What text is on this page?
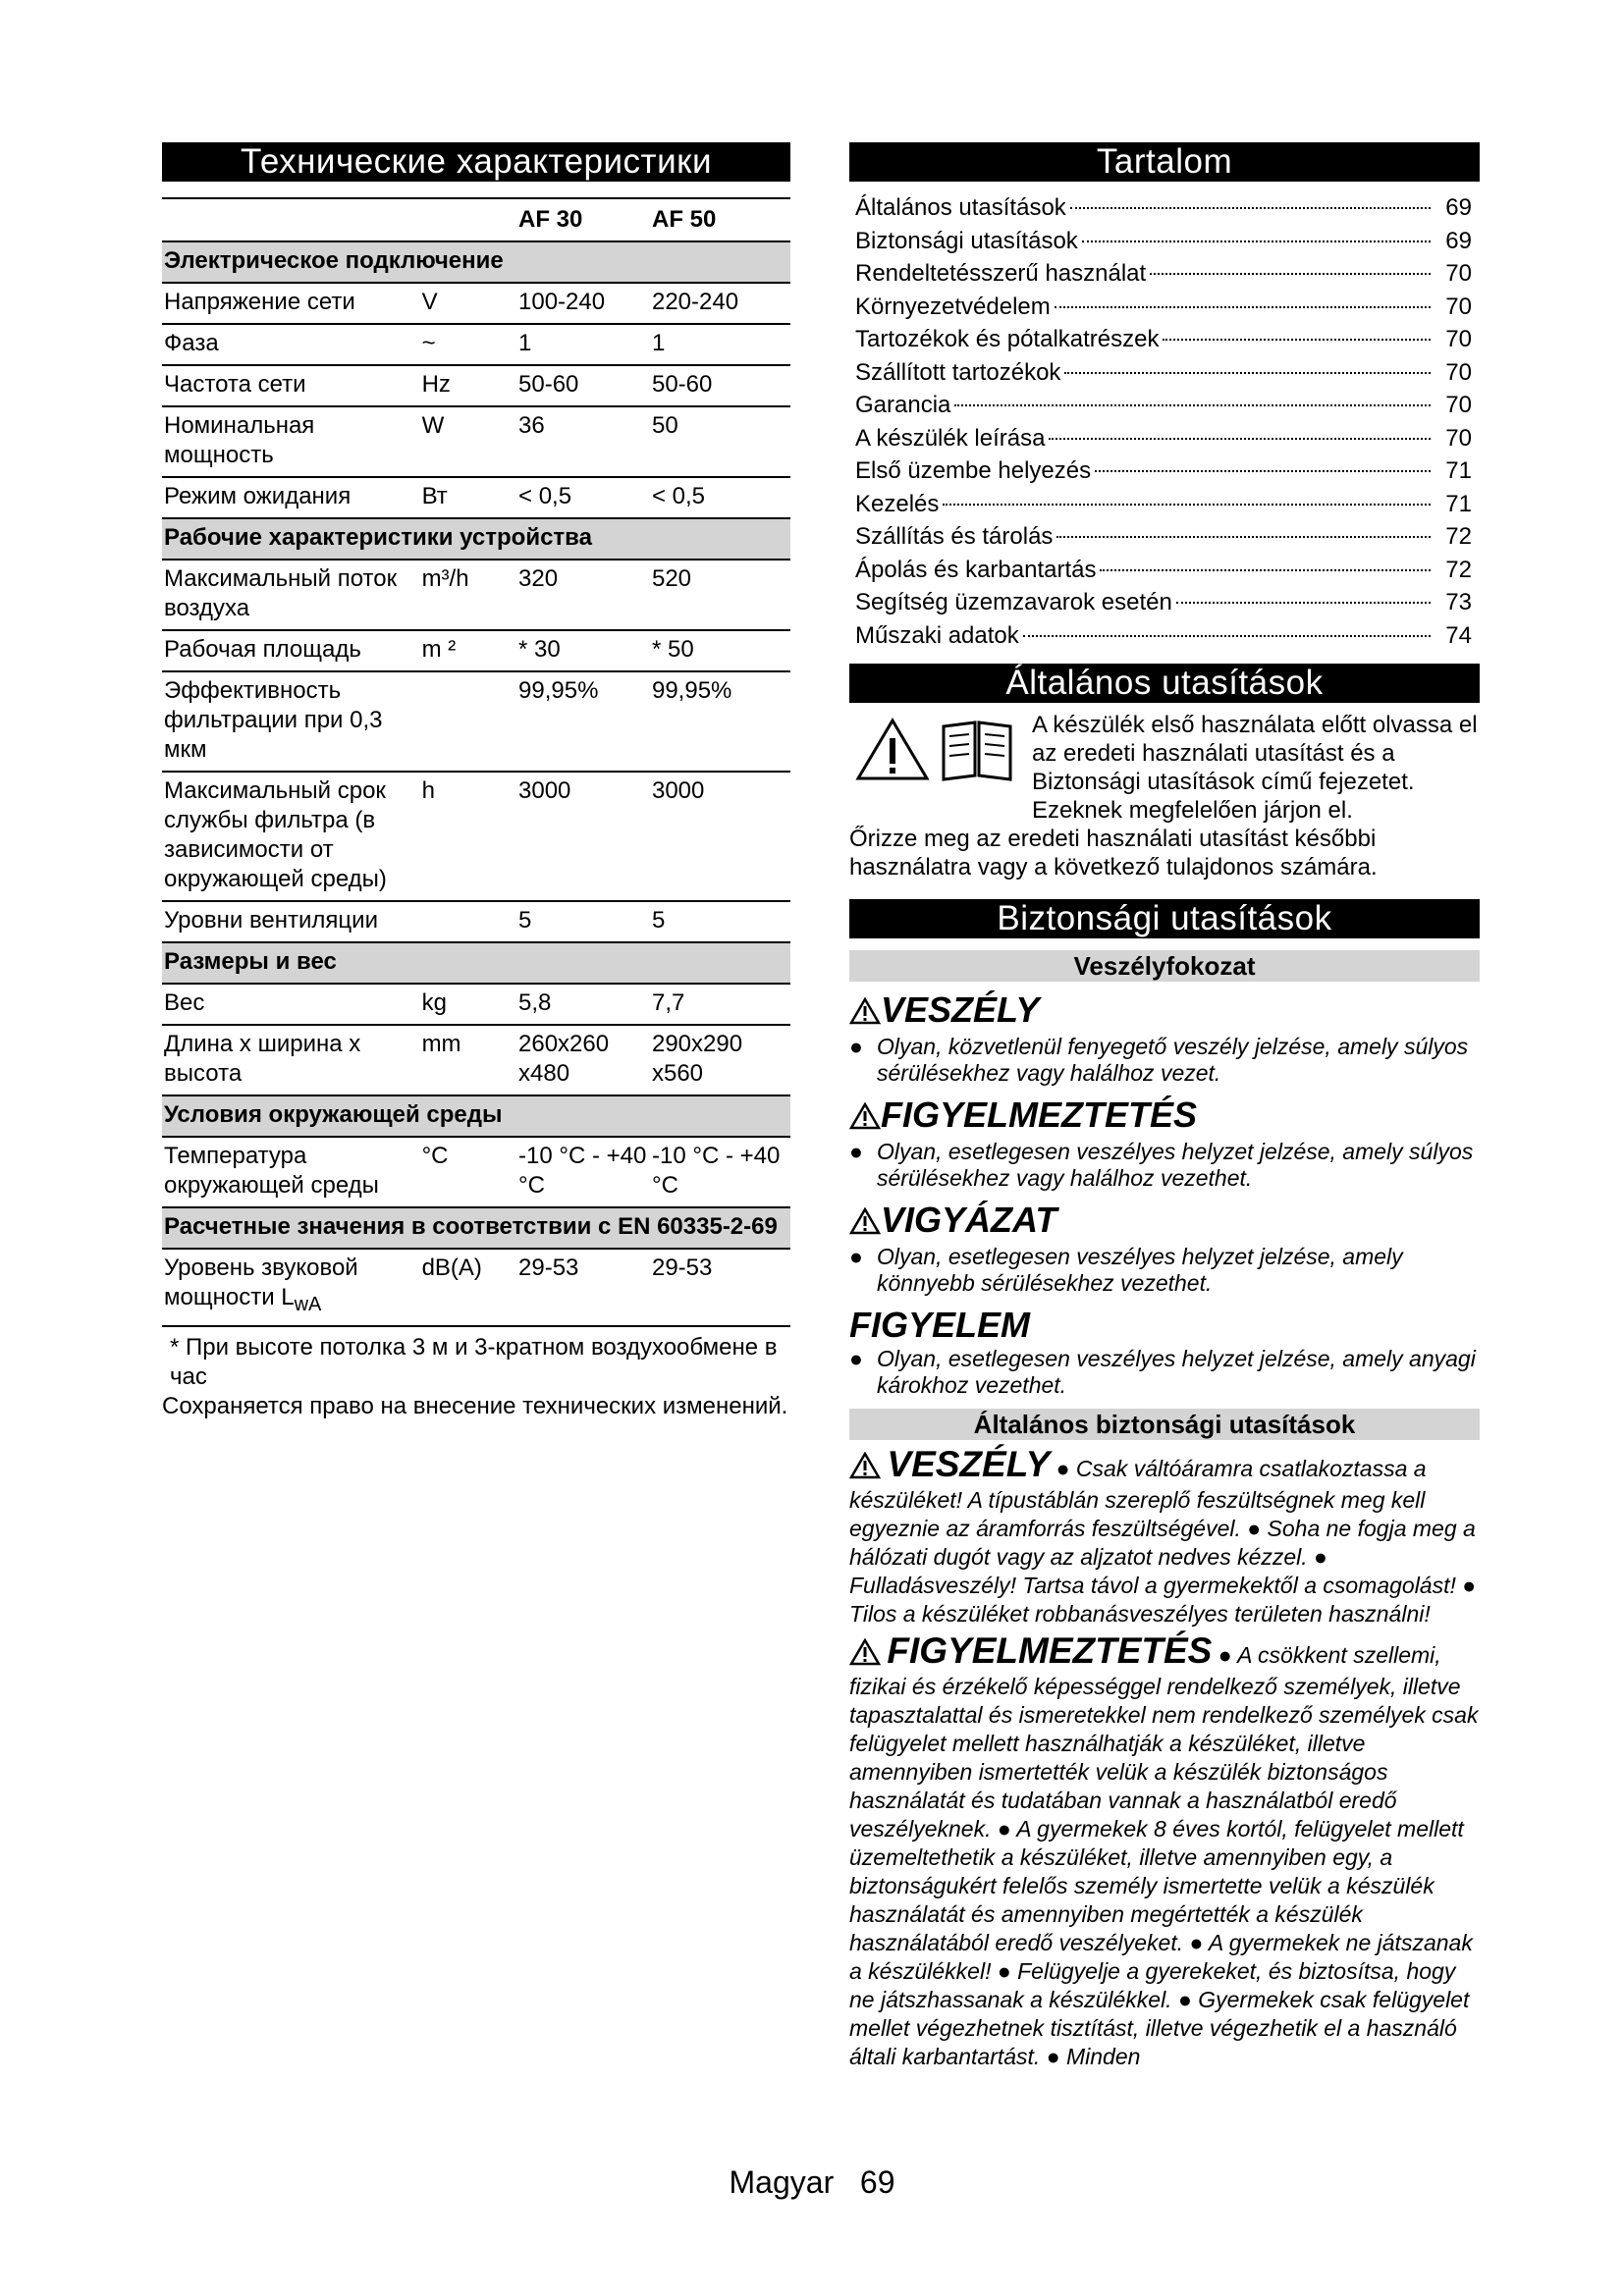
Технические характеристики
		AF 30	AF 50
Электрическое подключение			
Напряжение сети	V	100-240	220-240
Фаза	~	1	1
Частота сети	Hz	50-60	50-60
Номинальная мощность	W	36	50
Режим ожидания	Вт	< 0,5	< 0,5
Рабочие характеристики устройства			
Максимальный поток воздуха	m³/h	320	520
Рабочая площадь	m ²	* 30	* 50
Эффективность фильтрации при 0,3 мкм		99,95%	99,95%
Максимальный срок службы фильтра (в зависимости от окружающей среды)	h	3000	3000
Уровни вентиляции		5	5
Размеры и вес			
Вес	kg	5,8	7,7
Длина x ширина x высота	mm	260x260 x480	290x290 x560
Условия окружающей среды			
Температура окружающей среды	°C	-10 °C - +40 °C	-10 °C - +40 °C
Расчетные значения в соответствии с EN 60335-2-69			
Уровень звуковой мощности $L_{wA}$	dB(A)	29-53	29-53
* При высоте потолка 3 м и 3-кратном воздухообмене в час
Сохраняется право на внесение технических изменений.
Tartalom
Általános utasítások	69
Biztonsági utasítások	69
Rendeltetésszerű használat	70
Környezetvédelem	70
Tartozékok és pótalkatrészek	70
Szállított tartozékok	70
Garancia	70
A készülék leírása	70
Első üzembe helyezés	71
Kezelés	71
Szállítás és tárolás	72
Ápolás és karbantartás	72
Segítség üzemzavarok esetén	73
Műszaki adatok	74
Általános utasítások
A készülék első használata előtt olvassa el az eredeti használati utasítást és a Biztonsági utasítások című fejezetet. Ezeknek megfelelően járjon el.
Őrizze meg az eredeti használati utasítást későbbi használatra vagy a következő tulajdonos számára.
Biztonsági utasítások
Veszélyfokozat
VESZÉLY
● Olyan, közvetlenül fenyegető veszély jelzése, amely súlyos sérülésekhez vagy halálhoz vezet.
FIGYELMEZTETÉS
● Olyan, esetlegesen veszélyes helyzet jelzése, amely súlyos sérülésekhez vagy halálhoz vezethet.
VIGYÁZAT
● Olyan, esetlegesen veszélyes helyzet jelzése, amely könnyebb sérülésekhez vezethet.
FIGYELEM
● Olyan, esetlegesen veszélyes helyzet jelzése, amely anyagi károkhoz vezethet.
Általános biztonsági utasítások
VESZÉLY ● Csak váltóáramra csatlakoztassa a készüléket! A típustáblán szereplő feszültségnek meg kell egyeznie az áramforrás feszültségével. ● Soha ne fogja meg a hálózati dugót vagy az aljzatot nedves kézzel. ● Fulladásveszély! Tartsa távol a gyermekektől a csomagolást! ● Tilos a készüléket robbanásveszélyes területen használni!
FIGYELMEZTETÉS ● A csökkent szellemi, fizikai és érzékelő képességgel rendelkező személyek, illetve tapasztalattal és ismeretekkel nem rendelkező személyek csak felügyelet mellett használhatják a készüléket, illetve amennyiben ismertették velük a készülék biztonságos használatát és tudatában vannak a használatból eredő veszélyeknek. ● A gyermekek 8 éves kortól, felügyelet mellett üzemeltethetik a készüléket, illetve amennyiben egy, a biztonságukért felelős személy ismertette velük a készülék használatát és amennyiben megértették a készülék használatából eredő veszélyeket. ● A gyermekek ne játszanak a készülékkel! ● Felügyelje a gyerekeket, és biztosítsa, hogy ne játszhassanak a készülékkel. ● Gyermekek csak felügyelet mellet végezhetnek tisztítást, illetve végezhetik el a használó általi karbantartást. ● Minden
Magyar 69
